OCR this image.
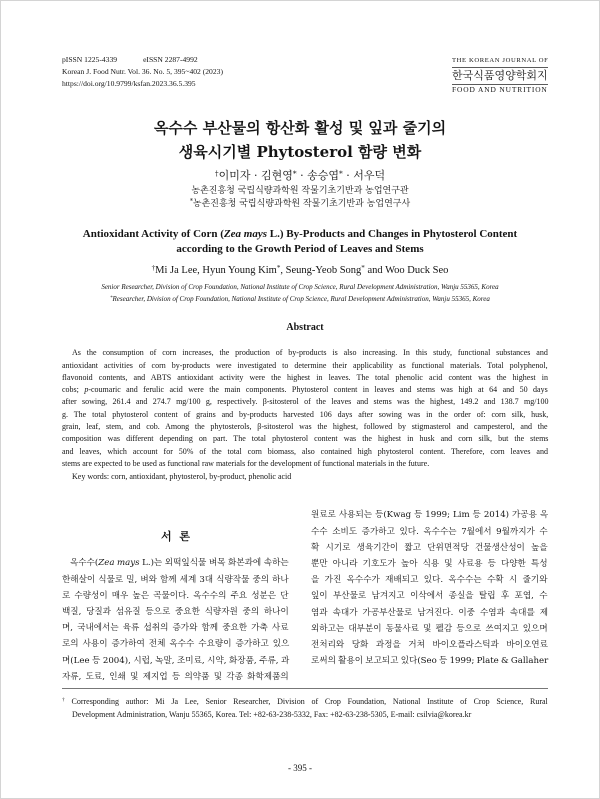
pISSN 1225-4339	eISSN 2287-4992
Korean J. Food Nutr. Vol. 36. No. 5, 395~402 (2023)
https://doi.org/10.9799/ksfan.2023.36.5.395
THE KOREAN JOURNAL OF
한국식품영양학회지
FOOD AND NUTRITION
옥수수 부산물의 항산화 활성 및 잎과 줄기의
생육시기별 Phytosterol 함량 변화
†이미자 · 김현영* · 송승엽* · 서우덕
농촌진흥청 국립식량과학원 작물기초기반과 농업연구관
*농촌진흥청 국립식량과학원 작물기초기반과 농업연구사
Antioxidant Activity of Corn (Zea mays L.) By-Products and Changes in Phytosterol Content
according to the Growth Period of Leaves and Stems
†Mi Ja Lee, Hyun Young Kim*, Seung-Yeob Song* and Woo Duck Seo
Senior Researcher, Division of Crop Foundation, National Institute of Crop Science, Rural Development Administration, Wanju 55365, Korea
*Researcher, Division of Crop Foundation, National Institute of Crop Science, Rural Development Administration, Wanju 55365, Korea
Abstract
As the consumption of corn increases, the production of by-products is also increasing. In this study, functional substances and
antioxidant activities of corn by-products were investigated to determine their applicability as functional materials. Total polyphenol,
flavonoid contents, and ABTS antioxidant activity were the highest in leaves. The total phenolic acid content was the highest in
cobs; p-coumaric and ferulic acid were the main components. Phytosterol content in leaves and stems was high at 64 and 50 days
after sowing, 261.4 and 274.7 mg/100 g, respectively. β-sitosterol of the leaves and stems was the highest, 149.2 and 138.7 mg/100
g. The total phytosterol content of grains and by-products harvested 106 days after sowing was in the order of: corn silk, husk,
grain, leaf, stem, and cob. Among the phytosterols, β-sitosterol was the highest, followed by stigmasterol and campesterol, and the
composition was different depending on part. The total phytosterol content was the highest in husk and corn silk, but the stems
and leaves, which account for 50% of the total corn biomass, also contained high phytosterol content. Therefore, corn leaves and
stems are expected to be used as functional raw materials for the development of functional materials in the future.
Key words: corn, antioxidant, phytosterol, by-product, phenolic acid
서  론
옥수수(Zea mays L.)는 외떡잎식물 벼목 화본과에 속하는
한해살이 식물로 밀, 벼와 함께 세계 3대 식량작물 중의 하나
로 수량성이 매우 높은 곡물이다. 옥수수의 주요 성분은 단
백질, 당질과 섬유질 등으로 중요한 식량자원 중의 하나이
며, 국내에서는 육류 섭취의 증가와 함께 중요한 가축 사료
로의 사용이 증가하여 전체 옥수수 수요량이 증가하고 있으
며(Lee 등 2004), 시럽, 녹말, 조미료, 시약, 화장품, 주류, 과
자류, 도료, 인쇄 및 제지업 등 의약품 및 각종 화학제품의
원료로 사용되는 등(Kwag 등 1999; Lim 등 2014) 가공용 옥
수수 소비도 증가하고 있다. 옥수수는 7월에서 9월까지가 수
확 시기로 생육기간이 짧고 단위면적당 건물생산성이 높을
뿐만 아니라 기호도가 높아 식용 및 사료용 등 다양한 특성
을 가진 옥수수가 재배되고 있다. 옥수수는 수확 시 줄기와
잎이 부산물로 남겨지고 이삭에서 종실을 탈립 후 포엽, 수
염과 속대가 가공부산물로 남겨진다. 이중 수염과 속대를 제
외하고는 대부분이 동물사료 및 펠감 등으로 쓰여지고 있으며
전처리와 당화 과정을 거쳐 바이오플라스틱과 바이오연료
로써의 활용이 보고되고 있다(Seo 등 1999; Plate & Gallaher
† Corresponding author: Mi Ja Lee, Senior Researcher, Division of Crop Foundation, National Institute of Crop Science, Rural
Development Administration, Wanju 55365, Korea. Tel: +82-63-238-5332, Fax: +82-63-238-5305, E-mail: csilvia@korea.kr
- 395 -
